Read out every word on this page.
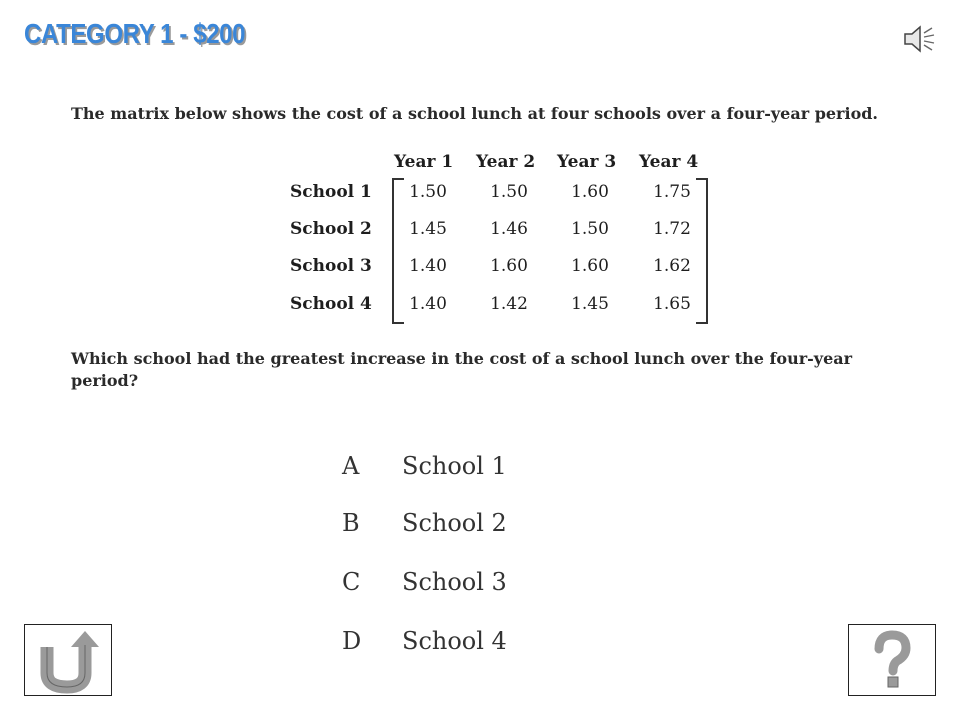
CATEGORY 1 - $200
The matrix below shows the cost of a school lunch at four schools over a four-year period.
Year 1 Year 2 Year 3 Year 4
School 1	1.50	1.50	1.60	1.75
School 2	1.45	1.46	1.50	1.72
School 3	1.40	1.60	1.60	1.62
School 4	1.40	1.42	1.45	1.65
Which school had the greatest increase in the cost of a school lunch over the four-year period?
A	School 1
B	School 2
C	School 3
D	School 4
